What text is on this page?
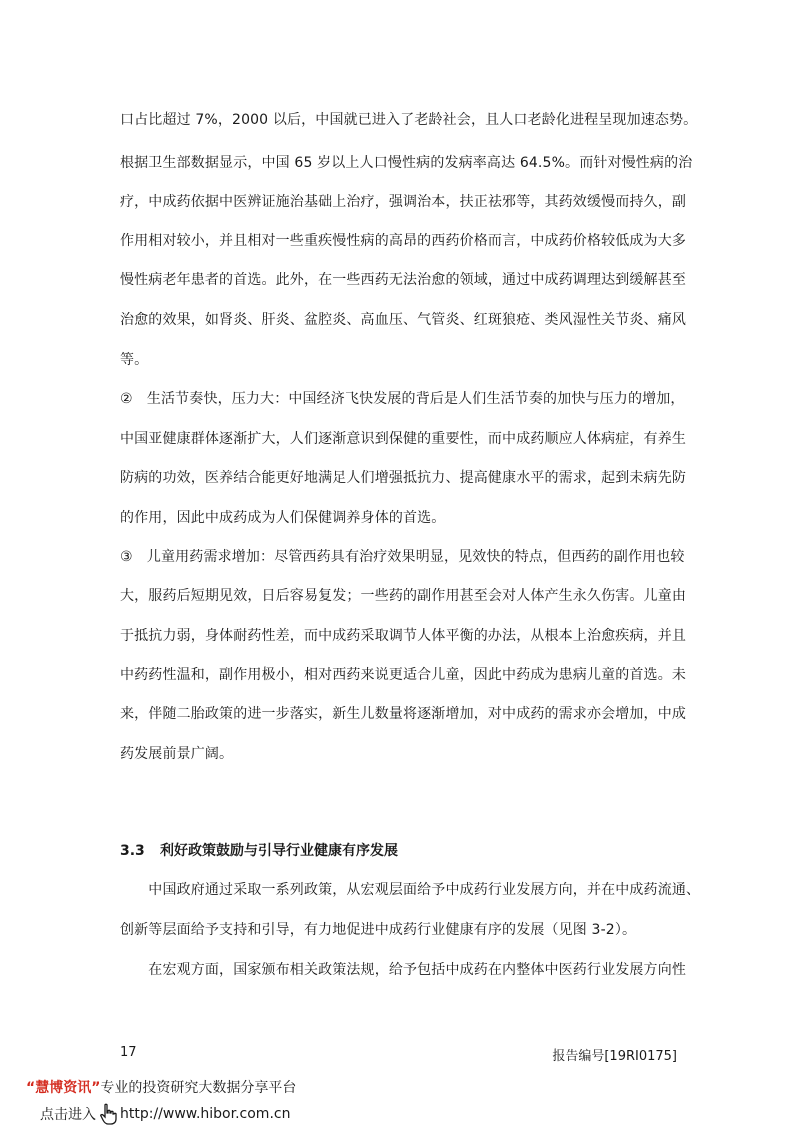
口占比超过 7%，2000 以后，中国就已进入了老龄社会，且人口老龄化进程呈现加速态势。
根据卫生部数据显示，中国 65 岁以上人口慢性病的发病率高达 64.5%。而针对慢性病的治
疗，中成药依据中医辨证施治基础上治疗，强调治本，扶正祛邪等，其药效缓慢而持久，副
作用相对较小，并且相对一些重疾慢性病的高昂的西药价格而言，中成药价格较低成为大多
慢性病老年患者的首选。此外，在一些西药无法治愈的领域，通过中成药调理达到缓解甚至
治愈的效果，如肾炎、肝炎、盆腔炎、高血压、气管炎、红斑狼疮、类风湿性关节炎、痛风
等。
②　生活节奏快，压力大：中国经济飞快发展的背后是人们生活节奏的加快与压力的增加，
中国亚健康群体逐渐扩大，人们逐渐意识到保健的重要性，而中成药顺应人体病症，有养生
防病的功效，医养结合能更好地满足人们增强抵抗力、提高健康水平的需求，起到未病先防
的作用，因此中成药成为人们保健调养身体的首选。
③　儿童用药需求增加：尽管西药具有治疗效果明显，见效快的特点，但西药的副作用也较
大，服药后短期见效，日后容易复发；一些药的副作用甚至会对人体产生永久伤害。儿童由
于抵抗力弱，身体耐药性差，而中成药采取调节人体平衡的办法，从根本上治愈疾病，并且
中药药性温和，副作用极小，相对西药来说更适合儿童，因此中药成为患病儿童的首选。未
来，伴随二胎政策的进一步落实，新生儿数量将逐渐增加，对中成药的需求亦会增加，中成
药发展前景广阔。
3.3 利好政策鼓励与引导行业健康有序发展
　　中国政府通过采取一系列政策，从宏观层面给予中成药行业发展方向，并在中成药流通、
创新等层面给予支持和引导，有力地促进中成药行业健康有序的发展（见图 3-2）。
　　在宏观方面，国家颁布相关政策法规，给予包括中成药在内整体中医药行业发展方向性
17	报告编号[19RI0175]
“慧博资讯”专业的投资研究大数据分享平台
点击进入 http://www.hibor.com.cn
